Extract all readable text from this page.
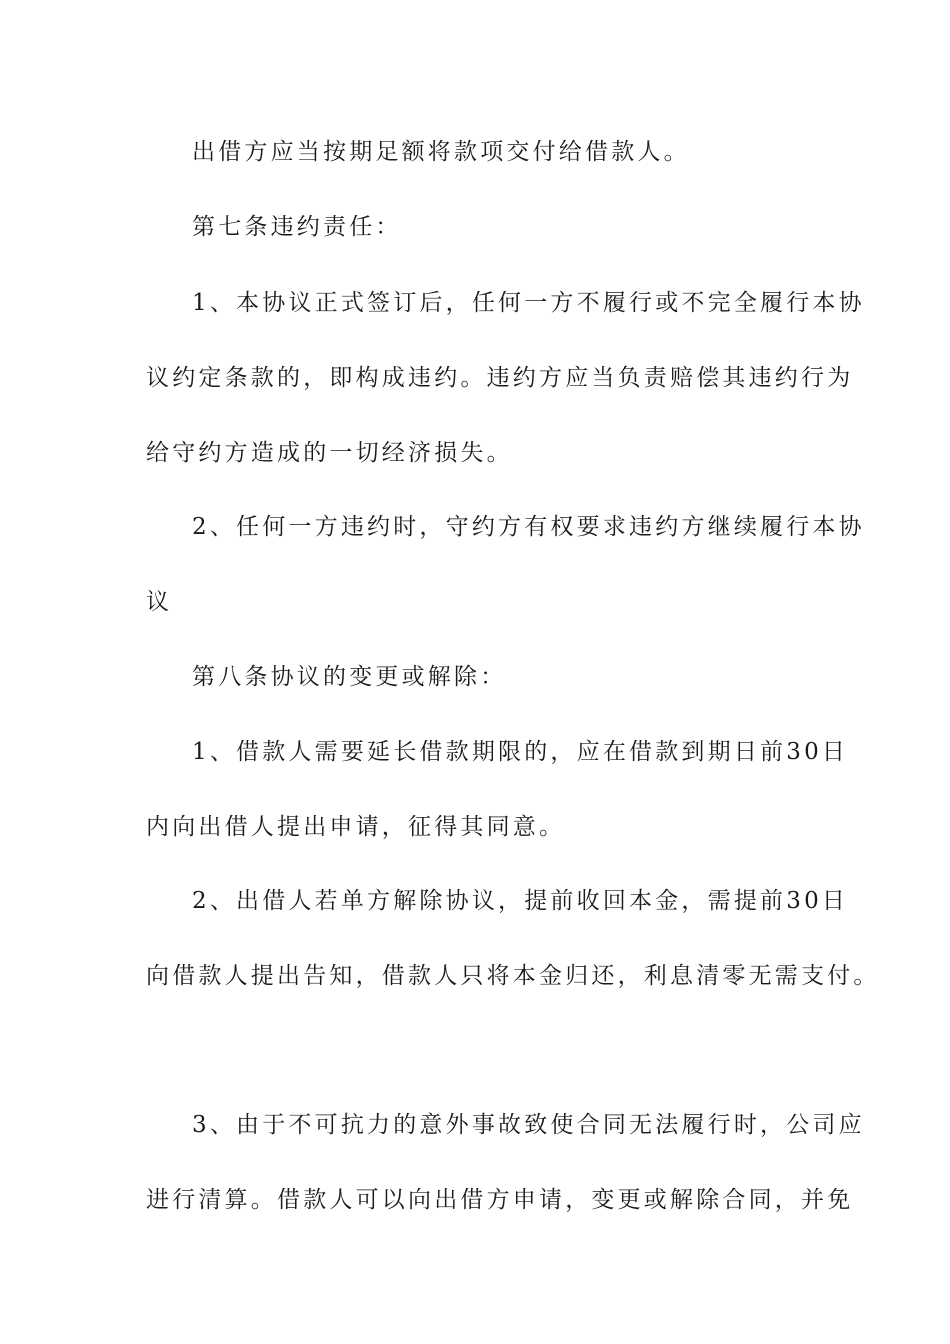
出借方应当按期足额将款项交付给借款人。

第七条违约责任：

1、本协议正式签订后，任何一方不履行或不完全履行本协

议约定条款的，即构成违约。违约方应当负责赔偿其违约行为

给守约方造成的一切经济损失。

2、任何一方违约时，守约方有权要求违约方继续履行本协

议

第八条协议的变更或解除：

1、借款人需要延长借款期限的，应在借款到期日前30日

内向出借人提出申请，征得其同意。

2、出借人若单方解除协议，提前收回本金，需提前30日

向借款人提出告知，借款人只将本金归还，利息清零无需支付。

3、由于不可抗力的意外事故致使合同无法履行时，公司应

进行清算。借款人可以向出借方申请，变更或解除合同，并免
